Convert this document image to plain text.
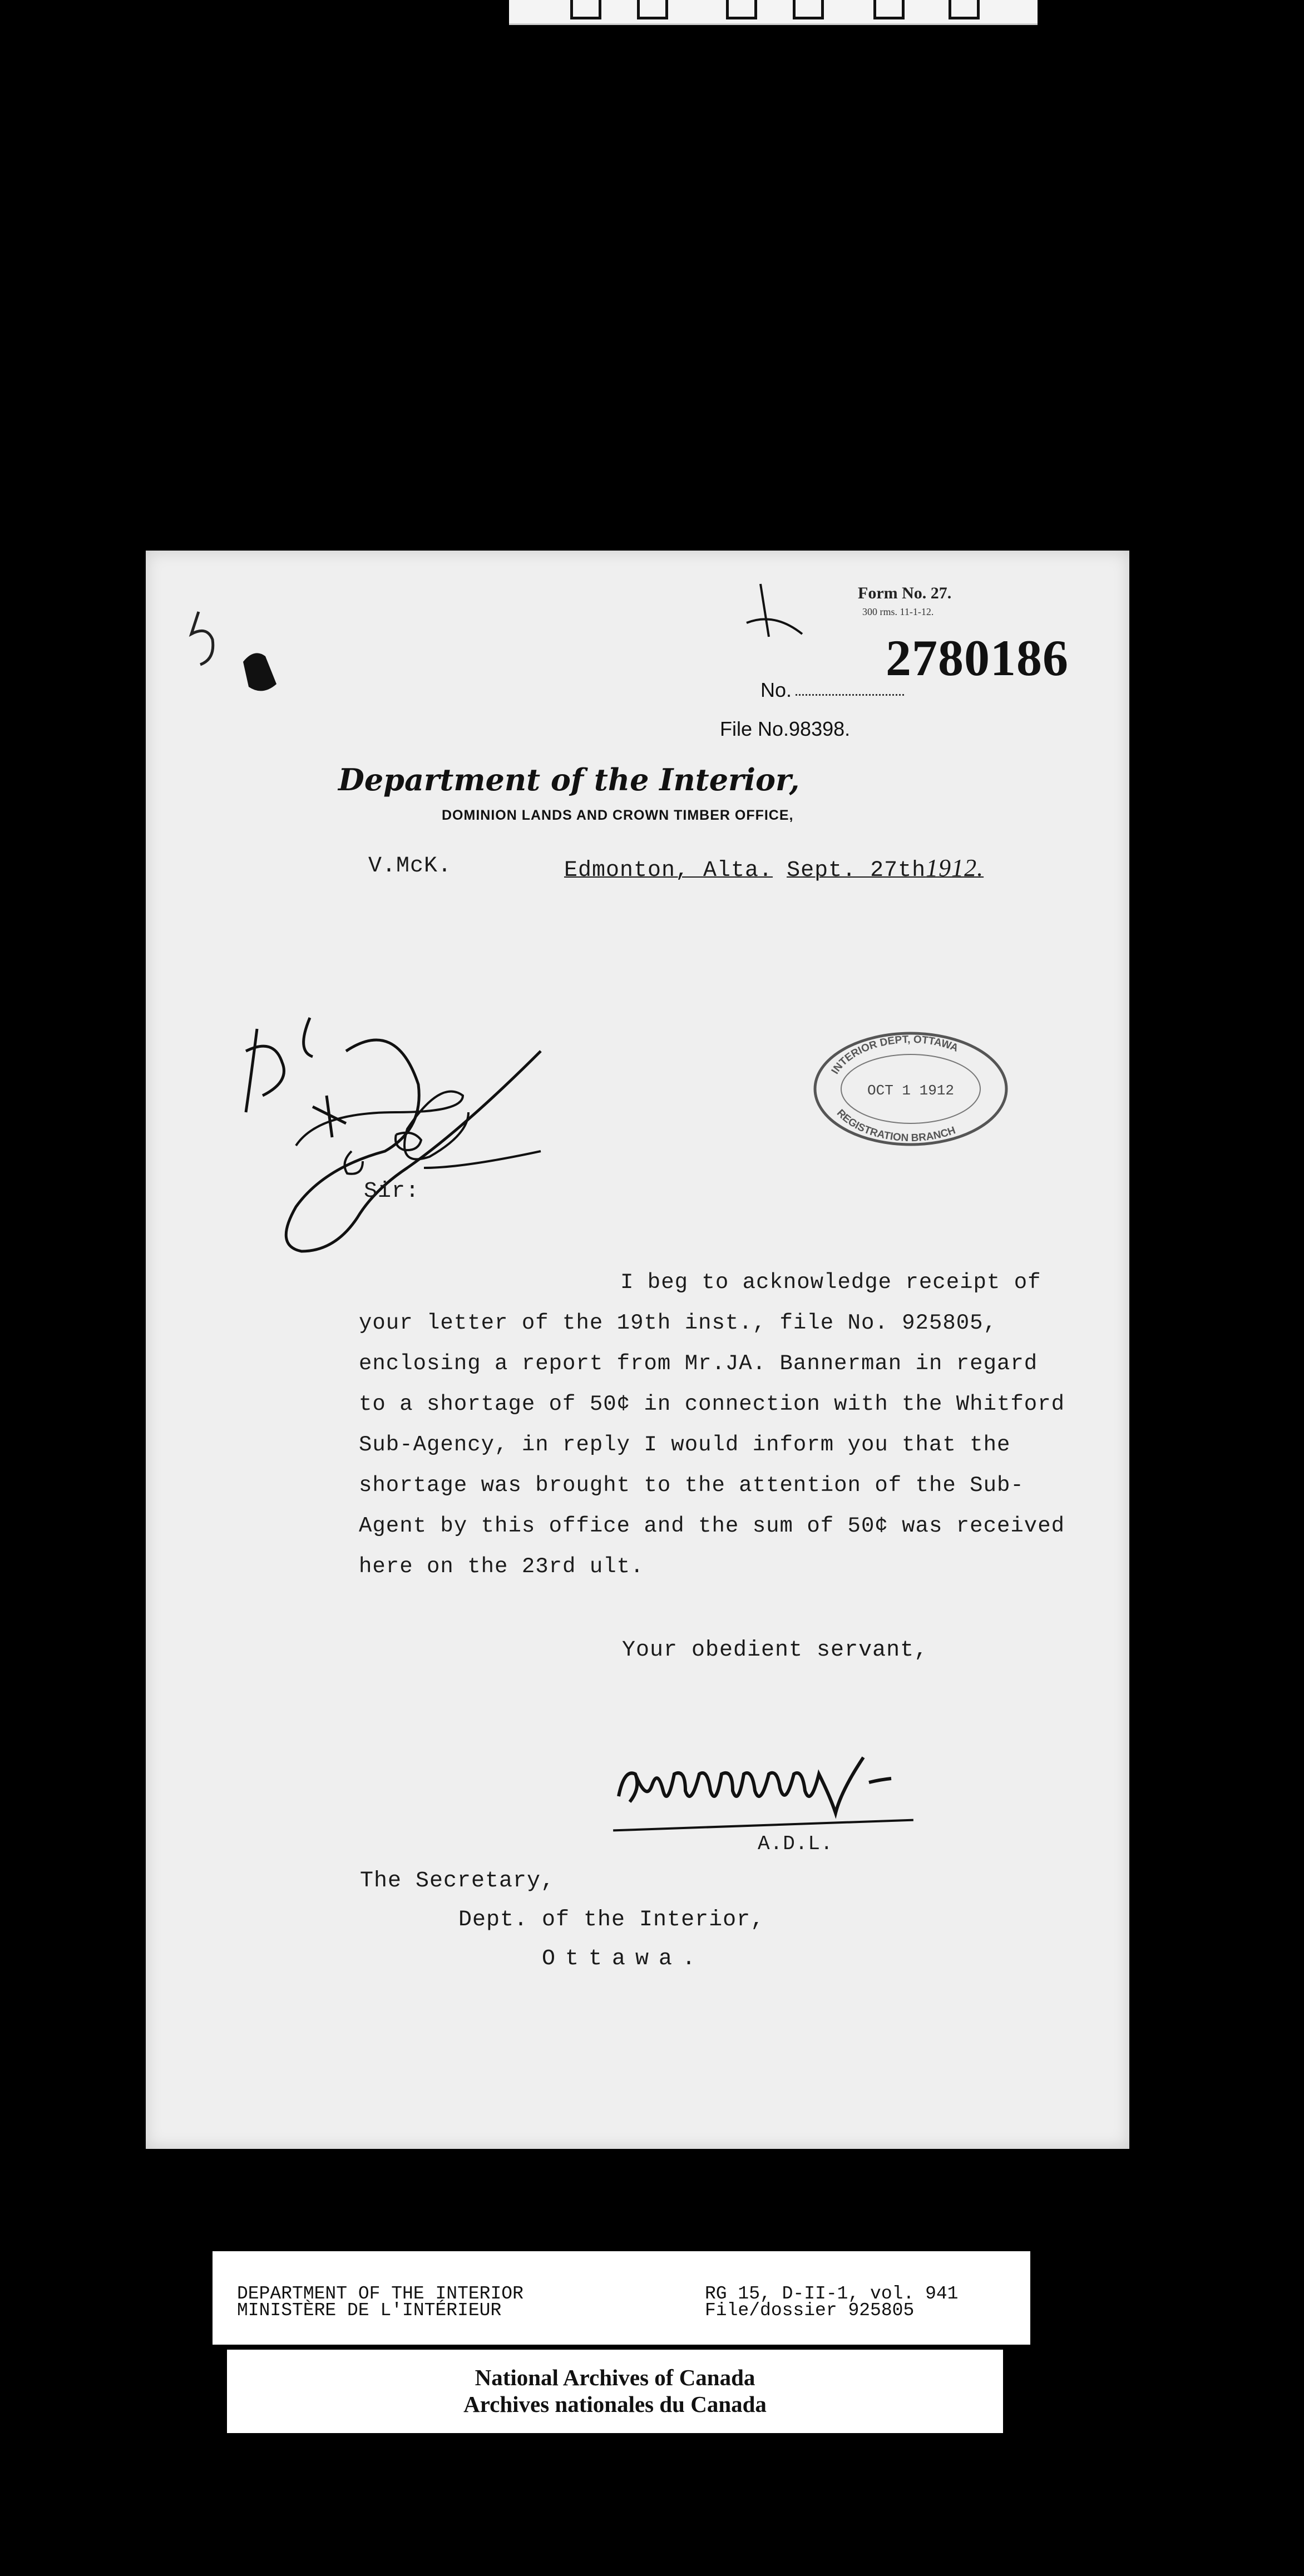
Form No. 27.
300 rms. 11-1-12.
2780186
No.
File No.98398.
Department of the Interior,
DOMINION LANDS AND CROWN TIMBER OFFICE,
V.McK.	Edmonton, Alta. Sept. 27th1912.
INTERIOR DEPT, OTTAWA
OCT 1 1912
REGISTRATION BRANCH
Sir:
I beg to acknowledge receipt of
your letter of the 19th inst., file No. 925805,
enclosing a report from Mr.JA. Bannerman in regard
to a shortage of 50¢ in connection with the Whitford
Sub-Agency, in reply I would inform you that the
shortage was brought to the attention of the Sub-
Agent by this office and the sum of 50¢ was received
here on the 23rd ult.
Your obedient servant,
A.D.L.
The Secretary,
Dept. of the Interior,
Ottawa.
DEPARTMENT OF THE INTERIOR
MINISTÈRE DE L'INTÉRIEUR
RG 15, D-II-1, vol. 941
File/dossier 925805
National Archives of Canada
Archives nationales du Canada
